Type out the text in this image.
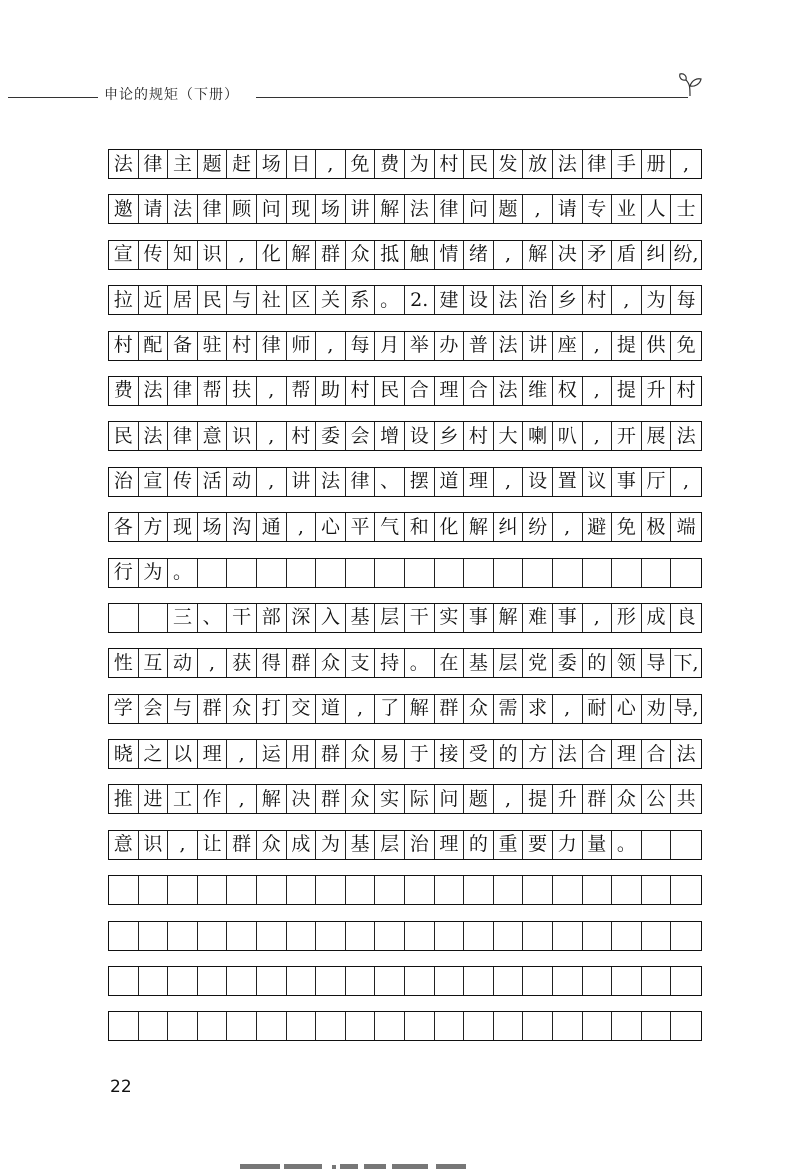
申论的规矩（下册）
法 律 主 题 赶 场 日 , 免 费 为 村 民 发 放 法 律 手 册 ,
邀 请 法 律 顾 问 现 场 讲 解 法 律 问 题 , 请 专 业 人 士
宣 传 知 识 , 化 解 群 众 抵 触 情 绪 , 解 决 矛 盾 纠 纷,
拉 近 居 民 与 社 区 关 系 。 2. 建 设 法 治 乡 村 , 为 每
村 配 备 驻 村 律 师 , 每 月 举 办 普 法 讲 座 , 提 供 免
费 法 律 帮 扶 , 帮 助 村 民 合 理 合 法 维 权 , 提 升 村
民 法 律 意 识 , 村 委 会 增 设 乡 村 大 喇 叭 , 开 展 法
治 宣 传 活 动 , 讲 法 律 、 摆 道 理 , 设 置 议 事 厅 ,
各 方 现 场 沟 通 , 心 平 气 和 化 解 纠 纷 , 避 免 极 端
行 为 。
三 、 干 部 深 入 基 层 干 实 事 解 难 事 , 形 成 良
性 互 动 , 获 得 群 众 支 持 。 在 基 层 党 委 的 领 导 下,
学 会 与 群 众 打 交 道 , 了 解 群 众 需 求 , 耐 心 劝 导,
晓 之 以 理 , 运 用 群 众 易 于 接 受 的 方 法 合 理 合 法
推 进 工 作 , 解 决 群 众 实 际 问 题 , 提 升 群 众 公 共
意 识 , 让 群 众 成 为 基 层 治 理 的 重 要 力 量 。
22
